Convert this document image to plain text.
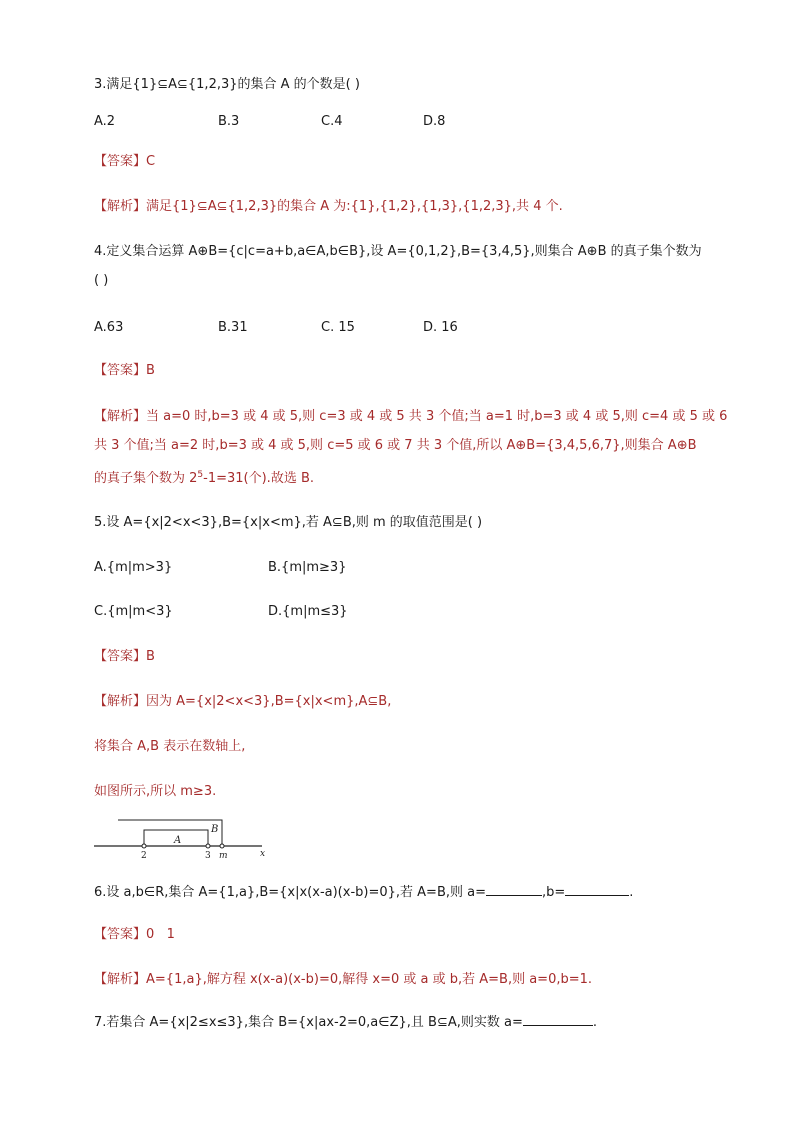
3.满足{1}⊆A⊆{1,2,3}的集合 A 的个数是( )
A.2	B.3	C.4	D.8
【答案】C
【解析】满足{1}⊆A⊆{1,2,3}的集合 A 为:{1},{1,2},{1,3},{1,2,3},共 4 个.
4.定义集合运算 A⊕B={c|c=a+b,a∈A,b∈B},设 A={0,1,2},B={3,4,5},则集合 A⊕B 的真子集个数为
( )
A.63	B.31	C. 15	D. 16
【答案】B
【解析】当 a=0 时,b=3 或 4 或 5,则 c=3 或 4 或 5 共 3 个值;当 a=1 时,b=3 或 4 或 5,则 c=4 或 5 或 6
共 3 个值;当 a=2 时,b=3 或 4 或 5,则 c=5 或 6 或 7 共 3 个值,所以 A⊕B={3,4,5,6,7},则集合 A⊕B
的真子集个数为 $2^5-1=31$(个).故选 B.
5.设 A={x|2<x<3},B={x|x<m},若 A⊆B,则 m 的取值范围是( )
A.{m|m>3}	B.{m|m≥3}
C.{m|m<3}	D.{m|m≤3}
【答案】B
【解析】因为 A={x|2<x<3},B={x|x<m},A⊆B,
将集合 A,B 表示在数轴上,
如图所示,所以 m≥3.
A
B
2	3 m	x
6.设 a,b∈R,集合 A={1,a},B={x|x(x-a)(x-b)=0},若 A=B,则 a=	,b=	.
【答案】0   1
【解析】A={1,a},解方程 x(x-a)(x-b)=0,解得 x=0 或 a 或 b,若 A=B,则 a=0,b=1.
7.若集合 A={x|2≤x≤3},集合 B={x|ax-2=0,a∈Z},且 B⊆A,则实数 a=	.
